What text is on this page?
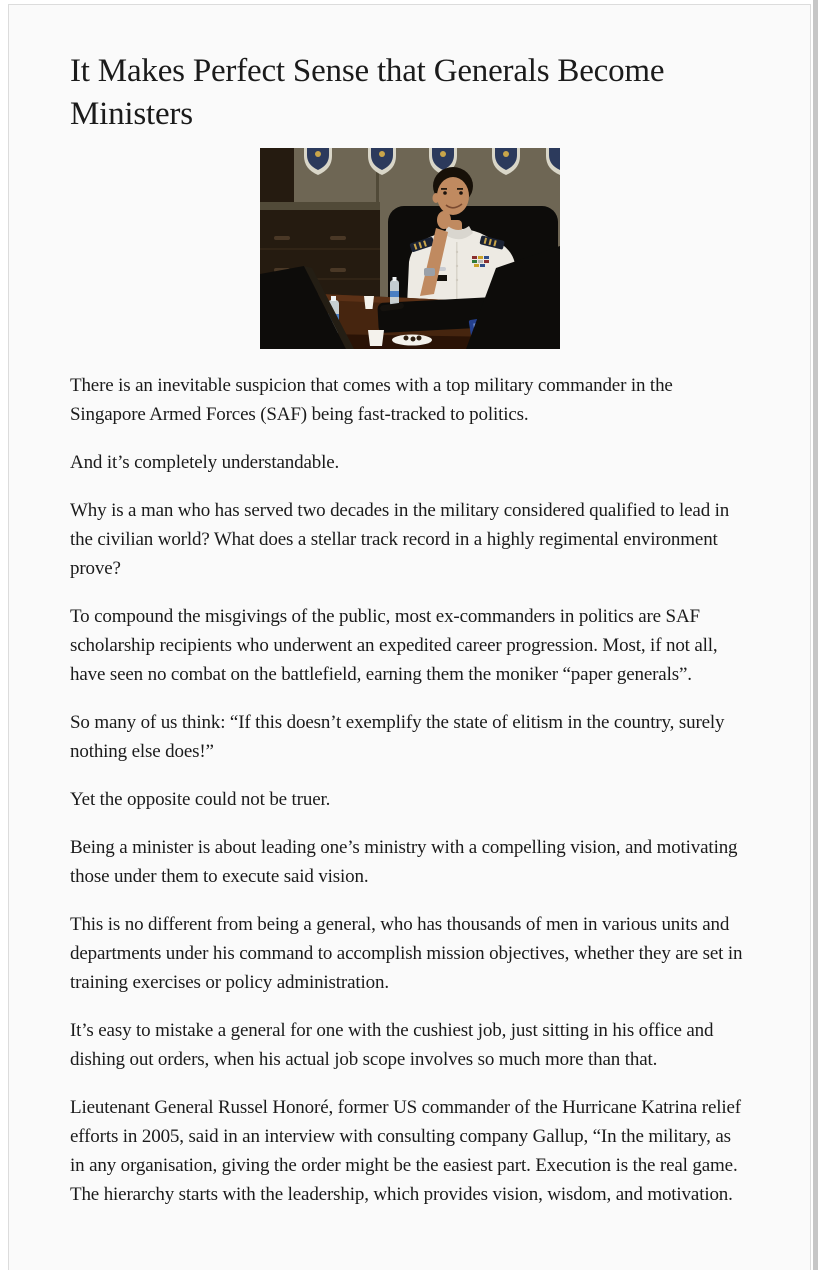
It Makes Perfect Sense that Generals Become Ministers

There is an inevitable suspicion that comes with a top military commander in the Singapore Armed Forces (SAF) being fast-tracked to politics.

And it’s completely understandable.

Why is a man who has served two decades in the military considered qualified to lead in the civilian world? What does a stellar track record in a highly regimental environment prove?

To compound the misgivings of the public, most ex-commanders in politics are SAF scholarship recipients who underwent an expedited career progression. Most, if not all, have seen no combat on the battlefield, earning them the moniker “paper generals”.

So many of us think: “If this doesn’t exemplify the state of elitism in the country, surely nothing else does!”

Yet the opposite could not be truer.

Being a minister is about leading one’s ministry with a compelling vision, and motivating those under them to execute said vision.

This is no different from being a general, who has thousands of men in various units and departments under his command to accomplish mission objectives, whether they are set in training exercises or policy administration.

It’s easy to mistake a general for one with the cushiest job, just sitting in his office and dishing out orders, when his actual job scope involves so much more than that.

Lieutenant General Russel Honoré, former US commander of the Hurricane Katrina relief efforts in 2005, said in an interview with consulting company Gallup, “In the military, as in any organisation, giving the order might be the easiest part. Execution is the real game. The hierarchy starts with the leadership, which provides vision, wisdom, and motivation.
